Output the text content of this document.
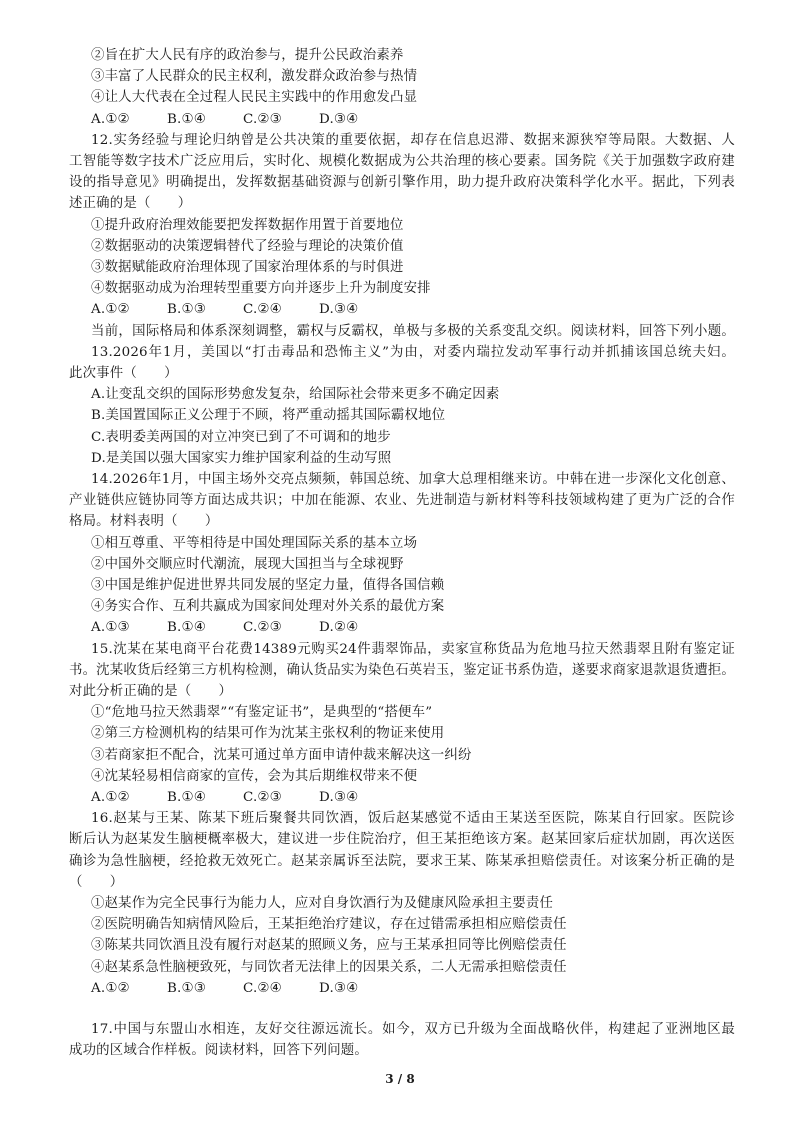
②旨在扩大人民有序的政治参与，提升公民政治素养
③丰富了人民群众的民主权利，激发群众政治参与热情
④让人大代表在全过程人民民主实践中的作用愈发凸显
A.①②	B.①④	C.②③	D.③④
12.实务经验与理论归纳曾是公共决策的重要依据，却存在信息迟滞、数据来源狭窄等局限。大数据、人
工智能等数字技术广泛应用后，实时化、规模化数据成为公共治理的核心要素。国务院《关于加强数字政府建
设的指导意见》明确提出，发挥数据基础资源与创新引擎作用，助力提升政府决策科学化水平。据此，下列表
述正确的是（　　）
①提升政府治理效能要把发挥数据作用置于首要地位
②数据驱动的决策逻辑替代了经验与理论的决策价值
③数据赋能政府治理体现了国家治理体系的与时俱进
④数据驱动成为治理转型重要方向并逐步上升为制度安排
A.①②	B.①③	C.②④	D.③④
当前，国际格局和体系深刻调整，霸权与反霸权，单极与多极的关系变乱交织。阅读材料，回答下列小题。
13.2026年1月，美国以“打击毒品和恐怖主义”为由，对委内瑞拉发动军事行动并抓捕该国总统夫妇。
此次事件（　　）
A.让变乱交织的国际形势愈发复杂，给国际社会带来更多不确定因素
B.美国置国际正义公理于不顾，将严重动摇其国际霸权地位
C.表明委美两国的对立冲突已到了不可调和的地步
D.是美国以强大国家实力维护国家利益的生动写照
14.2026年1月，中国主场外交亮点频频，韩国总统、加拿大总理相继来访。中韩在进一步深化文化创意、
产业链供应链协同等方面达成共识；中加在能源、农业、先进制造与新材料等科技领域构建了更为广泛的合作
格局。材料表明（　　）
①相互尊重、平等相待是中国处理国际关系的基本立场
②中国外交顺应时代潮流，展现大国担当与全球视野
③中国是维护促进世界共同发展的坚定力量，值得各国信赖
④务实合作、互利共赢成为国家间处理对外关系的最优方案
A.①③	B.①④	C.②③	D.②④
15.沈某在某电商平台花费14389元购买24件翡翠饰品，卖家宣称货品为危地马拉天然翡翠且附有鉴定证
书。沈某收货后经第三方机构检测，确认货品实为染色石英岩玉，鉴定证书系伪造，遂要求商家退款退货遭拒。
对此分析正确的是（　　）
①“危地马拉天然翡翠”“有鉴定证书”，是典型的“搭便车”
②第三方检测机构的结果可作为沈某主张权利的物证来使用
③若商家拒不配合，沈某可通过单方面申请仲裁来解决这一纠纷
④沈某轻易相信商家的宣传，会为其后期维权带来不便
A.①②	B.①④	C.②③	D.③④
16.赵某与王某、陈某下班后聚餐共同饮酒，饭后赵某感觉不适由王某送至医院，陈某自行回家。医院诊
断后认为赵某发生脑梗概率极大，建议进一步住院治疗，但王某拒绝该方案。赵某回家后症状加剧，再次送医
确诊为急性脑梗，经抢救无效死亡。赵某亲属诉至法院，要求王某、陈某承担赔偿责任。对该案分析正确的是
（　　）
①赵某作为完全民事行为能力人，应对自身饮酒行为及健康风险承担主要责任
②医院明确告知病情风险后，王某拒绝治疗建议，存在过错需承担相应赔偿责任
③陈某共同饮酒且没有履行对赵某的照顾义务，应与王某承担同等比例赔偿责任
④赵某系急性脑梗致死，与同饮者无法律上的因果关系，二人无需承担赔偿责任
3 / 8
A.①②	B.①③	C.②④	D.③④
17.中国与东盟山水相连，友好交往源远流长。如今，双方已升级为全面战略伙伴，构建起了亚洲地区最
成功的区域合作样板。阅读材料，回答下列问题。
